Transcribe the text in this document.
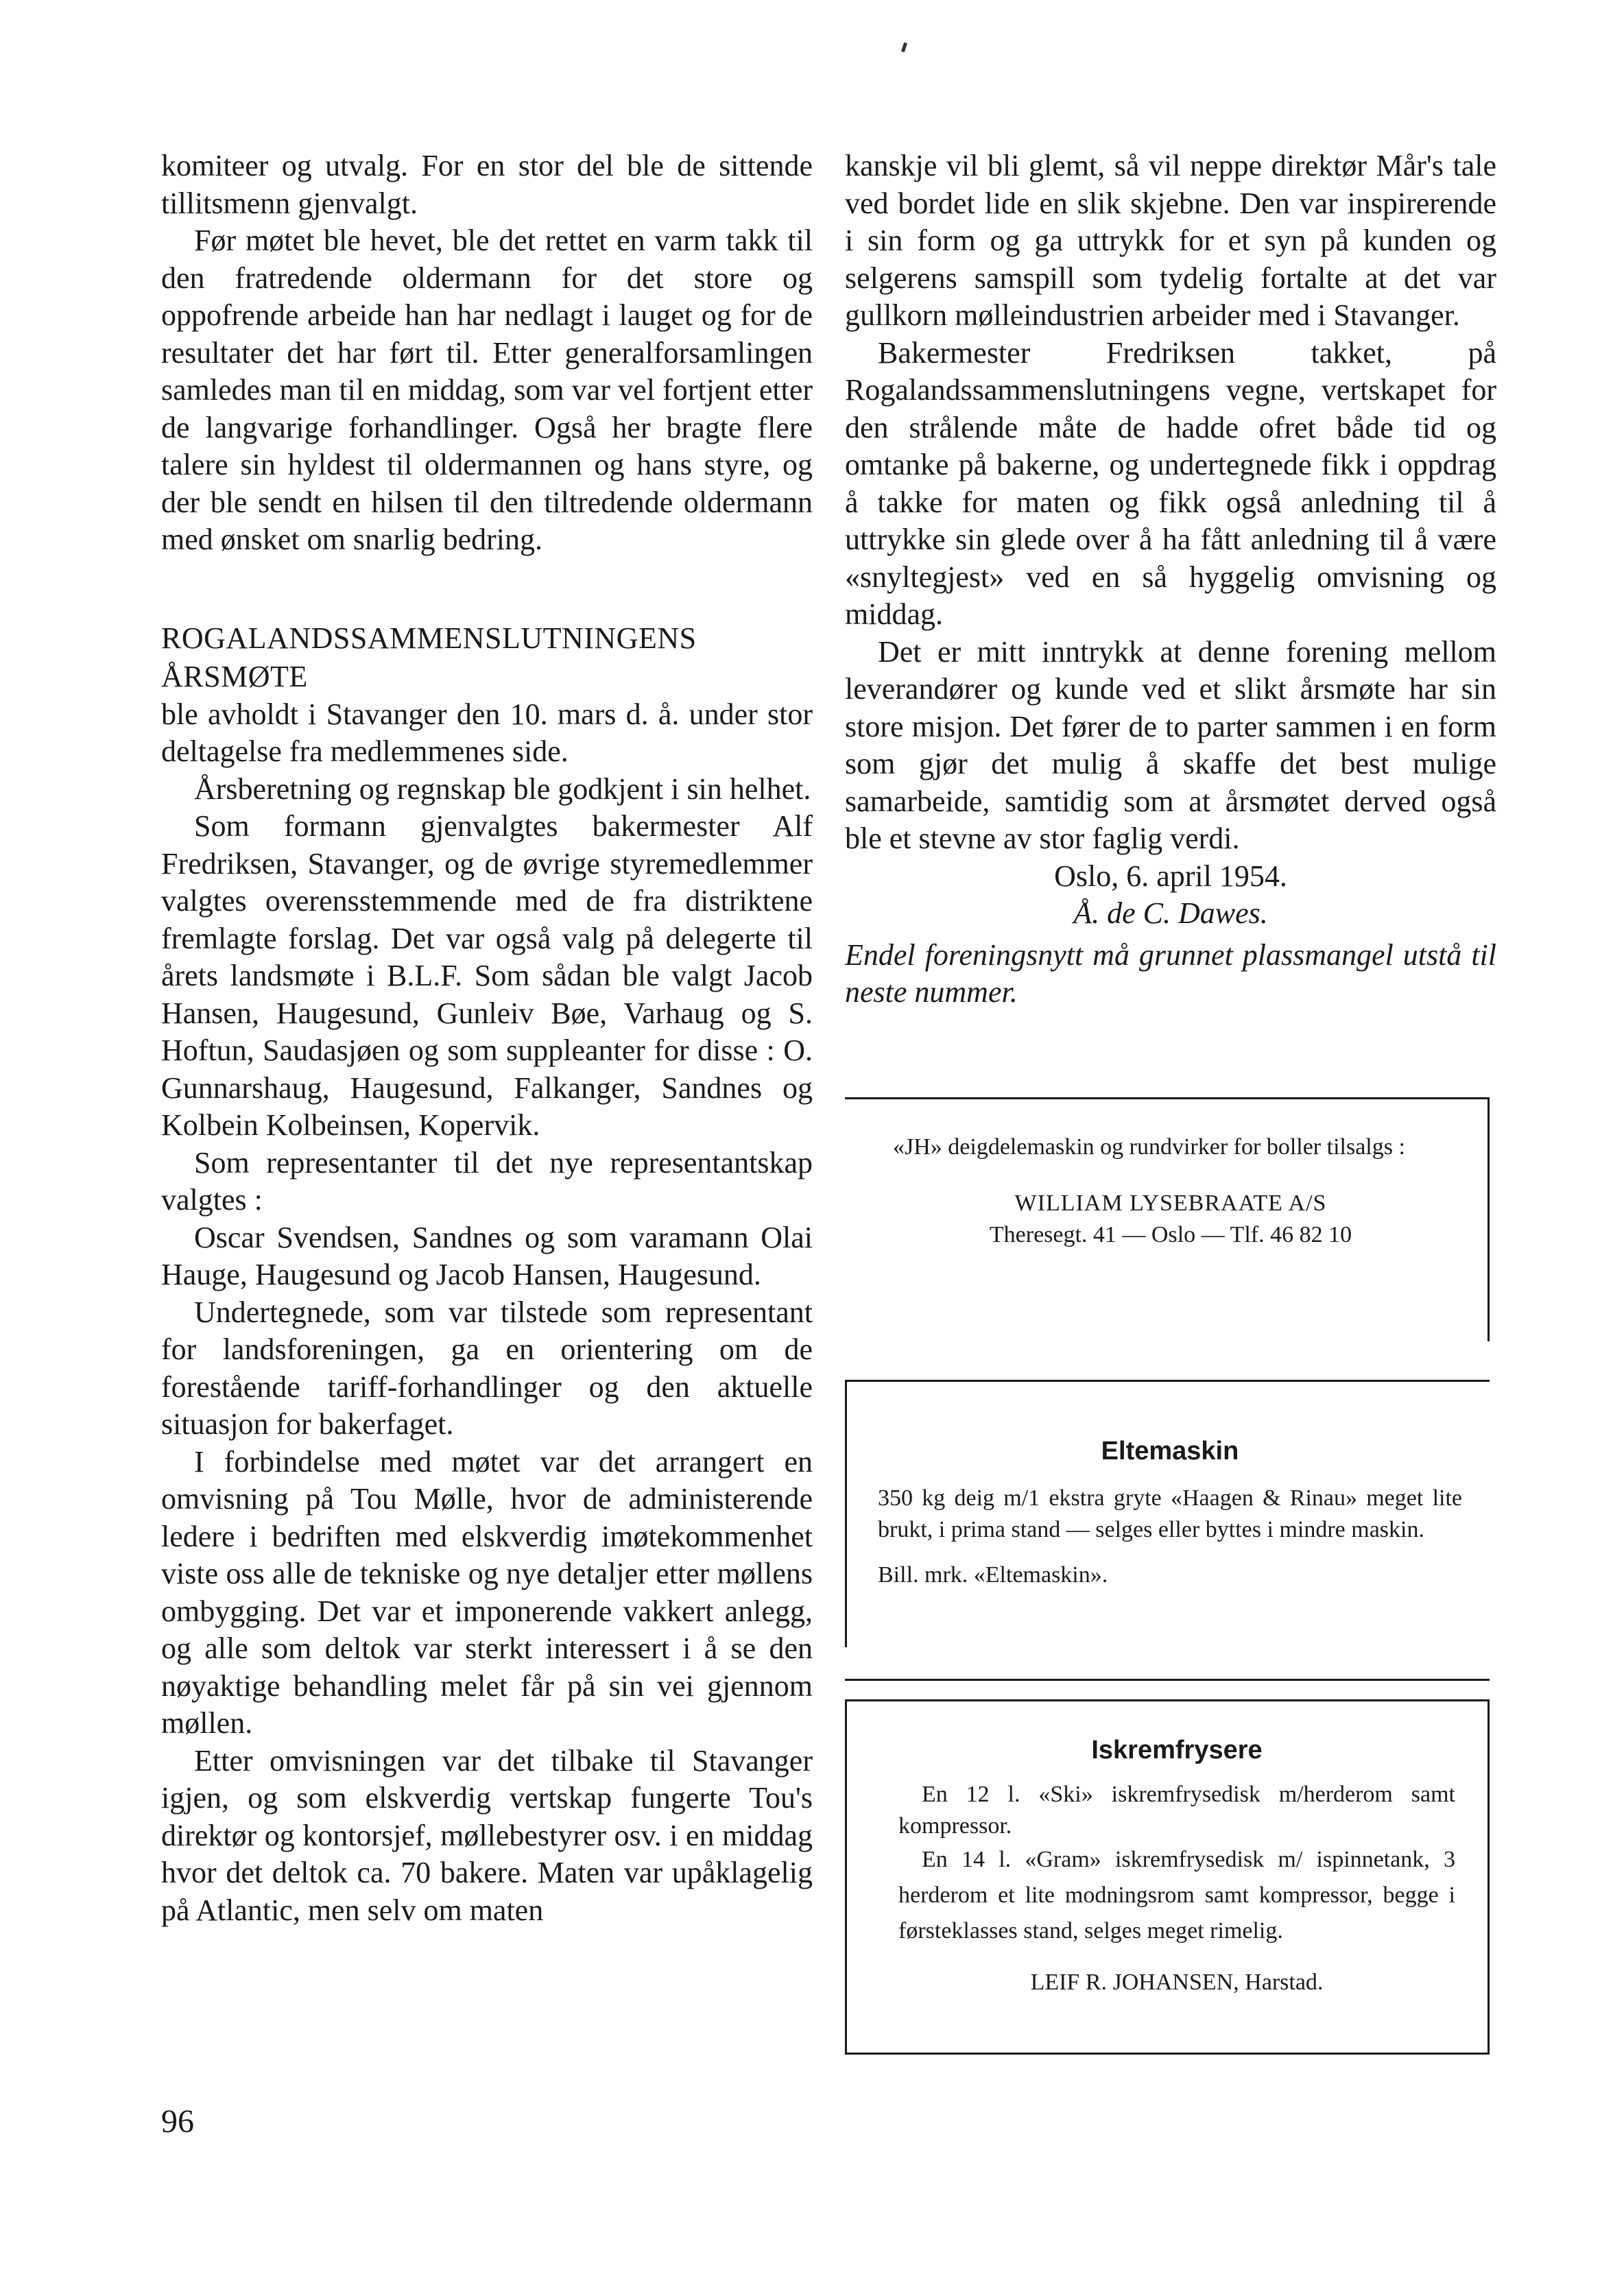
komiteer og utvalg. For en stor del ble de sittende tillitsmenn gjenvalgt.

Før møtet ble hevet, ble det rettet en varm takk til den fratredende oldermann for det store og oppofrende arbeide han har nedlagt i lauget og for de resultater det har ført til. Etter generalforsamlingen samledes man til en middag, som var vel fortjent etter de langvarige forhandlinger. Også her bragte flere talere sin hyldest til oldermannen og hans styre, og der ble sendt en hilsen til den tiltredende oldermann med ønsket om snarlig bedring.

ROGALANDSSAMMENSLUTNINGENS
ÅRSMØTE

ble avholdt i Stavanger den 10. mars d. å. under stor deltagelse fra medlemmenes side.

Årsberetning og regnskap ble godkjent i sin helhet.

Som formann gjenvalgtes bakermester Alf Fredriksen, Stavanger, og de øvrige styremedlemmer valgtes overensstemmende med de fra distriktene fremlagte forslag. Det var også valg på delegerte til årets landsmøte i B.L.F. Som sådan ble valgt Jacob Hansen, Haugesund, Gunleiv Bøe, Varhaug og S. Hoftun, Saudasjøen og som suppleanter for disse : O. Gunnarshaug, Haugesund, Falkanger, Sandnes og Kolbein Kolbeinsen, Kopervik.

Som representanter til det nye representantskap valgtes :

Oscar Svendsen, Sandnes og som varamann Olai Hauge, Haugesund og Jacob Hansen, Haugesund.

Undertegnede, som var tilstede som representant for landsforeningen, ga en orientering om de forestående tariff-forhandlinger og den aktuelle situasjon for bakerfaget.

I forbindelse med møtet var det arrangert en omvisning på Tou Mølle, hvor de administerende ledere i bedriften med elskverdig imøtekommenhet viste oss alle de tekniske og nye detaljer etter møllens ombygging. Det var et imponerende vakkert anlegg, og alle som deltok var sterkt interessert i å se den nøyaktige behandling melet får på sin vei gjennom møllen.

Etter omvisningen var det tilbake til Stavanger igjen, og som elskverdig vertskap fungerte Tou's direktør og kontorsjef, møllebestyrer osv. i en middag hvor det deltok ca. 70 bakere. Maten var upåklagelig på Atlantic, men selv om maten

kanskje vil bli glemt, så vil neppe direktør Mår's tale ved bordet lide en slik skjebne. Den var inspirerende i sin form og ga uttrykk for et syn på kunden og selgerens samspill som tydelig fortalte at det var gullkorn mølleindustrien arbeider med i Stavanger.

Bakermester Fredriksen takket, på Rogalandssammenslutningens vegne, vertskapet for den strålende måte de hadde ofret både tid og omtanke på bakerne, og undertegnede fikk i oppdrag å takke for maten og fikk også anledning til å uttrykke sin glede over å ha fått anledning til å være «snyltegjest» ved en så hyggelig omvisning og middag.

Det er mitt inntrykk at denne forening mellom leverandører og kunde ved et slikt årsmøte har sin store misjon. Det fører de to parter sammen i en form som gjør det mulig å skaffe det best mulige samarbeide, samtidig som at årsmøtet derved også ble et stevne av stor faglig verdi.

Oslo, 6. april 1954.

Å. de C. Dawes.

Endel foreningsnytt må grunnet plassmangel utstå til neste nummer.

«JH» deigdelemaskin og rundvirker for boller tilsalgs :

WILLIAM LYSEBRAATE A/S

Theresegt. 41 — Oslo — Tlf. 46 82 10

Eltemaskin

350 kg deig m/1 ekstra gryte «Haagen & Rinau» meget lite brukt, i prima stand — selges eller byttes i mindre maskin.

Bill. mrk. «Eltemaskin».

Iskremfrysere

En 12 l. «Ski» iskremfrysedisk m/herderom samt kompressor.

En 14 l. «Gram» iskremfrysedisk m/ ispinnetank, 3 herderom et lite modningsrom samt kompressor, begge i førsteklasses stand, selges meget rimelig.

LEIF R. JOHANSEN, Harstad.

96
